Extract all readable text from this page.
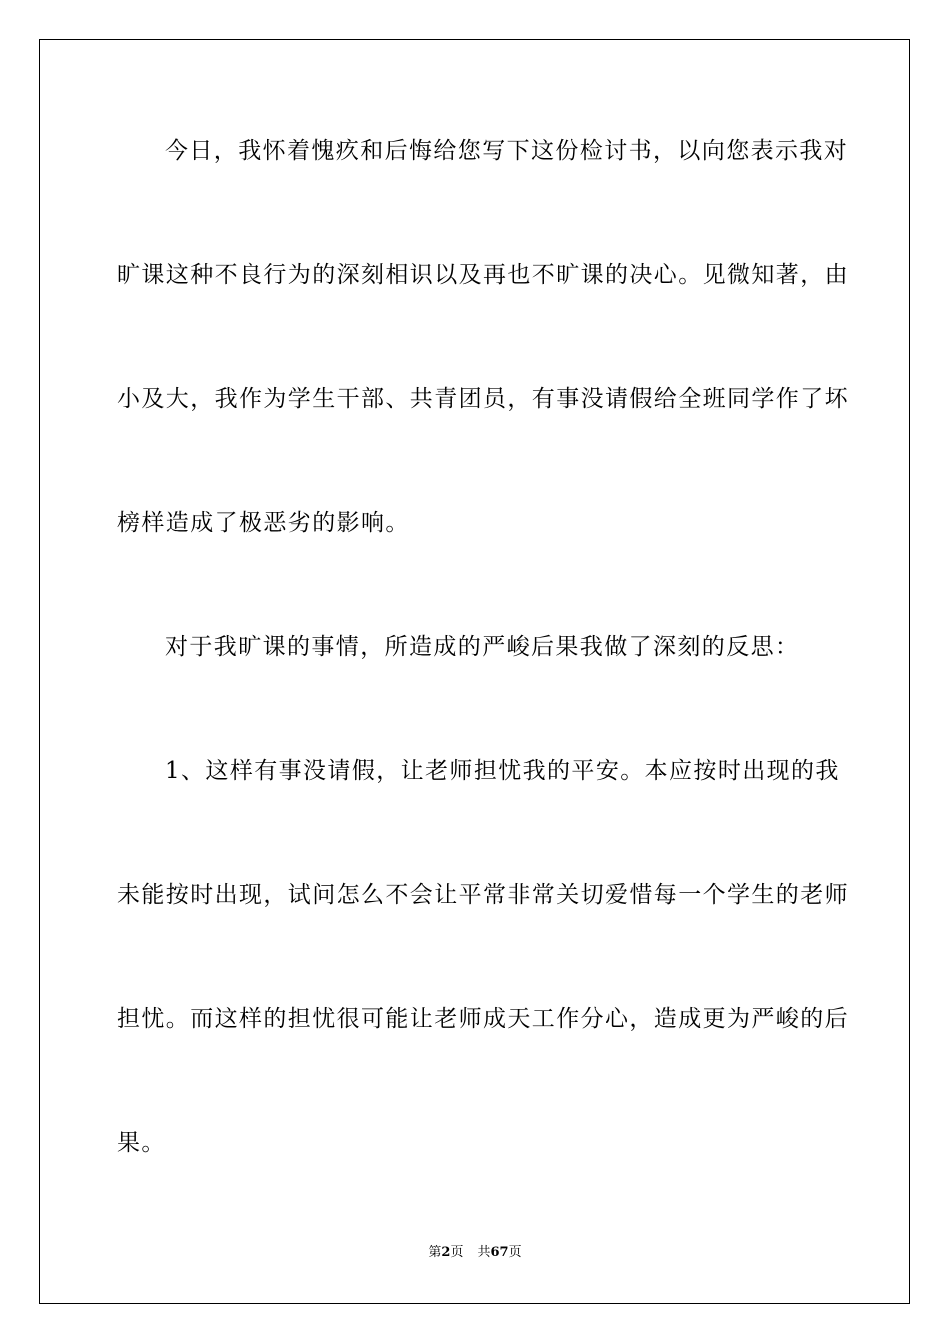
今日，我怀着愧疚和后悔给您写下这份检讨书，以向您表示我对
旷课这种不良行为的深刻相识以及再也不旷课的决心。见微知著，由
小及大，我作为学生干部、共青团员，有事没请假给全班同学作了坏
榜样造成了极恶劣的影响。
对于我旷课的事情，所造成的严峻后果我做了深刻的反思：
1、这样有事没请假，让老师担忧我的平安。本应按时出现的我
未能按时出现，试问怎么不会让平常非常关切爱惜每一个学生的老师
担忧。而这样的担忧很可能让老师成天工作分心，造成更为严峻的后
果。
第2页 共67页
